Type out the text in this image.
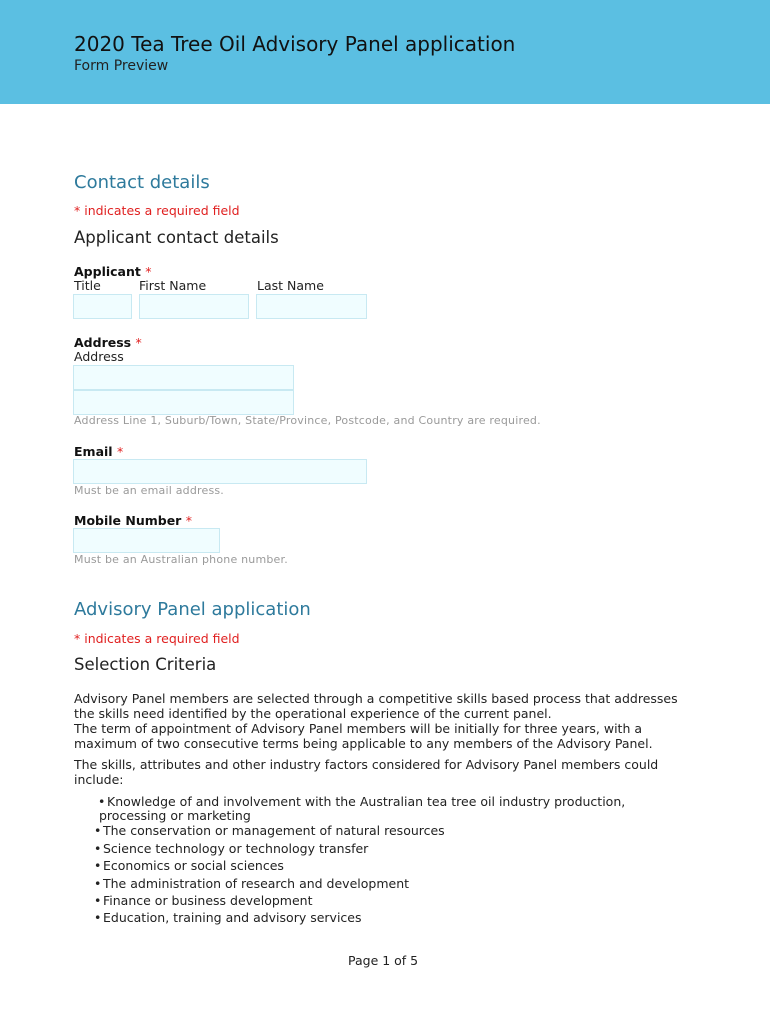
2020 Tea Tree Oil Advisory Panel application
Form Preview
Contact details
* indicates a required field
Applicant contact details
Applicant *
Title	First Name	Last Name
Address *
Address
Address Line 1, Suburb/Town, State/Province, Postcode, and Country are required.
Email *
Must be an email address.
Mobile Number *
Must be an Australian phone number.
Advisory Panel application
* indicates a required field
Selection Criteria
Advisory Panel members are selected through a competitive skills based process that addresses the skills need identified by the operational experience of the current panel.
The term of appointment of Advisory Panel members will be initially for three years, with a maximum of two consecutive terms being applicable to any members of the Advisory Panel.
The skills, attributes and other industry factors considered for Advisory Panel members could include:
• Knowledge of and involvement with the Australian tea tree oil industry production,
processing or marketing
• The conservation or management of natural resources
• Science technology or technology transfer
• Economics or social sciences
• The administration of research and development
• Finance or business development
• Education, training and advisory services
Page 1 of 5
